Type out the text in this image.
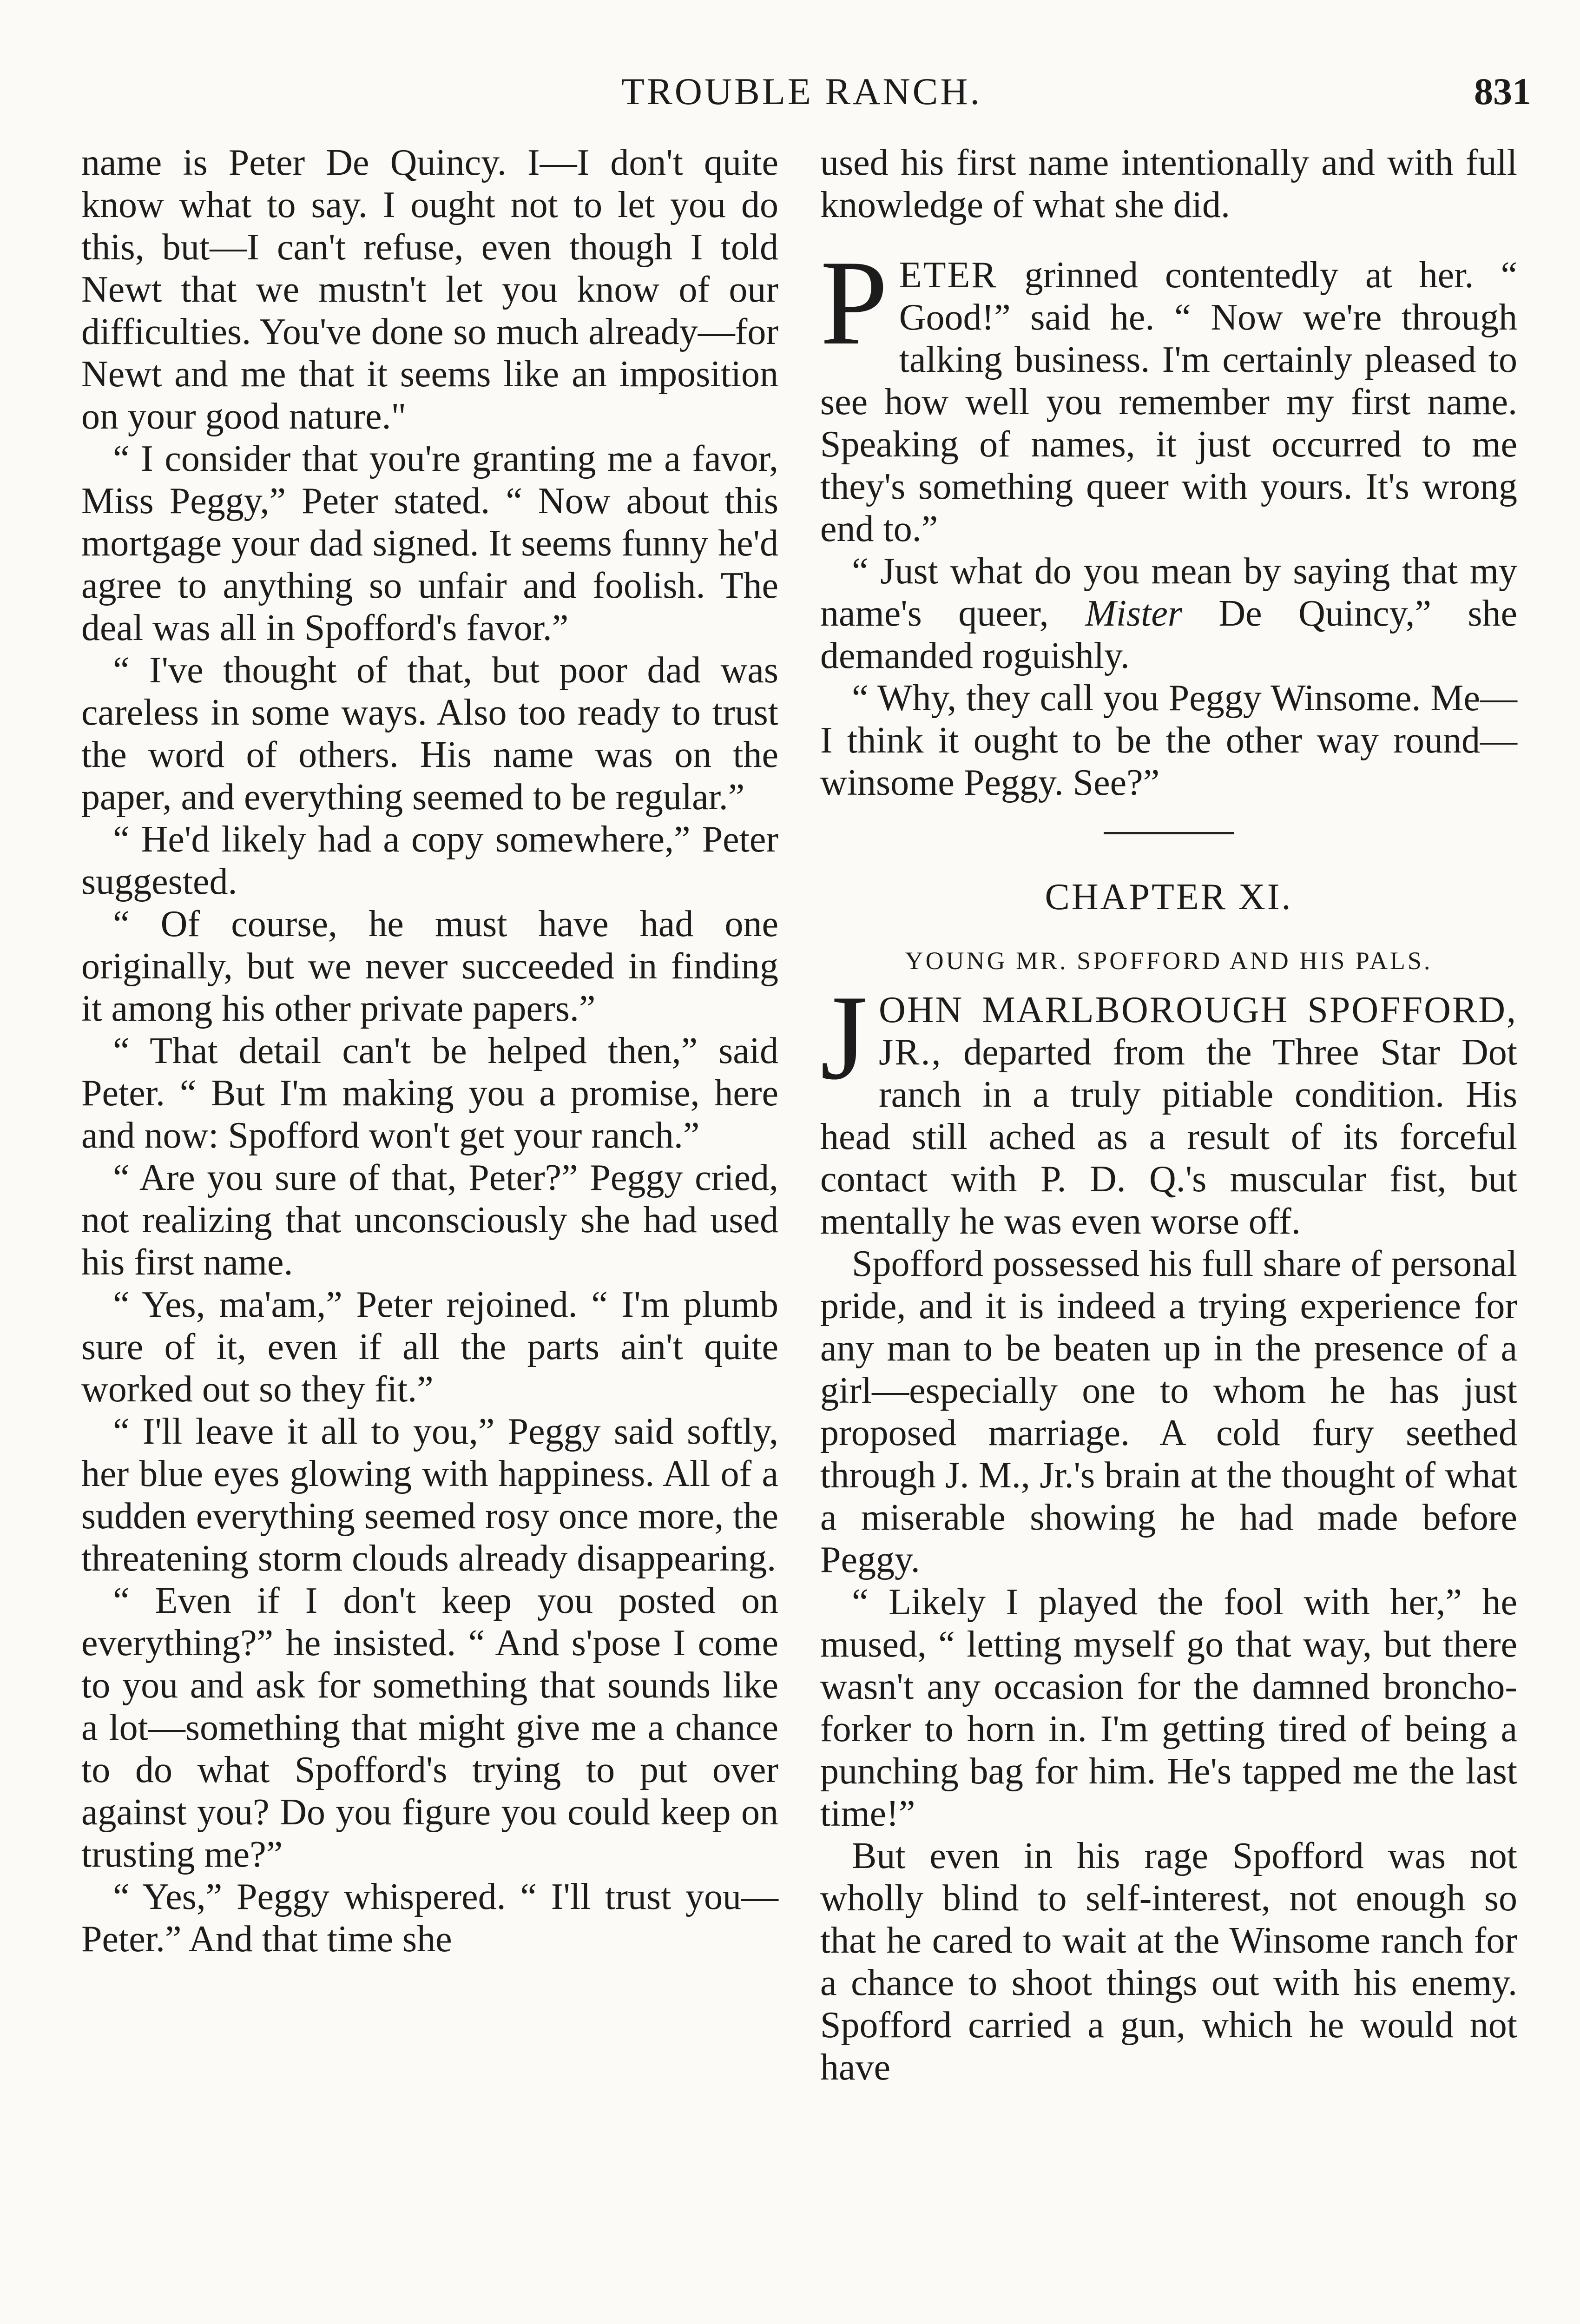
TROUBLE RANCH.	831

name is Peter De Quincy. I—I don't quite know what to say. I ought not to let you do this, but—I can't refuse, even though I told Newt that we mustn't let you know of our difficulties. You've done so much already—for Newt and me that it seems like an imposition on your good nature."

“ I consider that you're granting me a favor, Miss Peggy,” Peter stated. “ Now about this mortgage your dad signed. It seems funny he'd agree to anything so unfair and foolish. The deal was all in Spofford's favor.”

“ I've thought of that, but poor dad was careless in some ways. Also too ready to trust the word of others. His name was on the paper, and everything seemed to be regular.”

“ He'd likely had a copy somewhere,” Peter suggested.

“ Of course, he must have had one originally, but we never succeeded in finding it among his other private papers.”

“ That detail can't be helped then,” said Peter. “ But I'm making you a promise, here and now: Spofford won't get your ranch.”

“ Are you sure of that, Peter?” Peggy cried, not realizing that unconsciously she had used his first name.

“ Yes, ma'am,” Peter rejoined. “ I'm plumb sure of it, even if all the parts ain't quite worked out so they fit.”

“ I'll leave it all to you,” Peggy said softly, her blue eyes glowing with happiness. All of a sudden everything seemed rosy once more, the threatening storm clouds already disappearing.

“ Even if I don't keep you posted on everything?” he insisted. “ And s'pose I come to you and ask for something that sounds like a lot—something that might give me a chance to do what Spofford's trying to put over against you? Do you figure you could keep on trusting me?”

“ Yes,” Peggy whispered. “ I'll trust you—Peter.” And that time she

used his first name intentionally and with full knowledge of what she did.

PETER grinned contentedly at her. “ Good!” said he. “ Now we're through talking business. I'm certainly pleased to see how well you remember my first name. Speaking of names, it just occurred to me they's something queer with yours. It's wrong end to.”

“ Just what do you mean by saying that my name's queer, Mister De Quincy,” she demanded roguishly.

“ Why, they call you Peggy Winsome. Me—I think it ought to be the other way round—winsome Peggy. See?”

CHAPTER XI.
YOUNG MR. SPOFFORD AND HIS PALS.

JOHN MARLBOROUGH SPOFFORD, JR., departed from the Three Star Dot ranch in a truly pitiable condition. His head still ached as a result of its forceful contact with P. D. Q.'s muscular fist, but mentally he was even worse off.

Spofford possessed his full share of personal pride, and it is indeed a trying experience for any man to be beaten up in the presence of a girl—especially one to whom he has just proposed marriage. A cold fury seethed through J. M., Jr.'s brain at the thought of what a miserable showing he had made before Peggy.

“ Likely I played the fool with her,” he mused, “ letting myself go that way, but there wasn't any occasion for the damned broncho-forker to horn in. I'm getting tired of being a punching bag for him. He's tapped me the last time!”

But even in his rage Spofford was not wholly blind to self-interest, not enough so that he cared to wait at the Winsome ranch for a chance to shoot things out with his enemy. Spofford carried a gun, which he would not have
